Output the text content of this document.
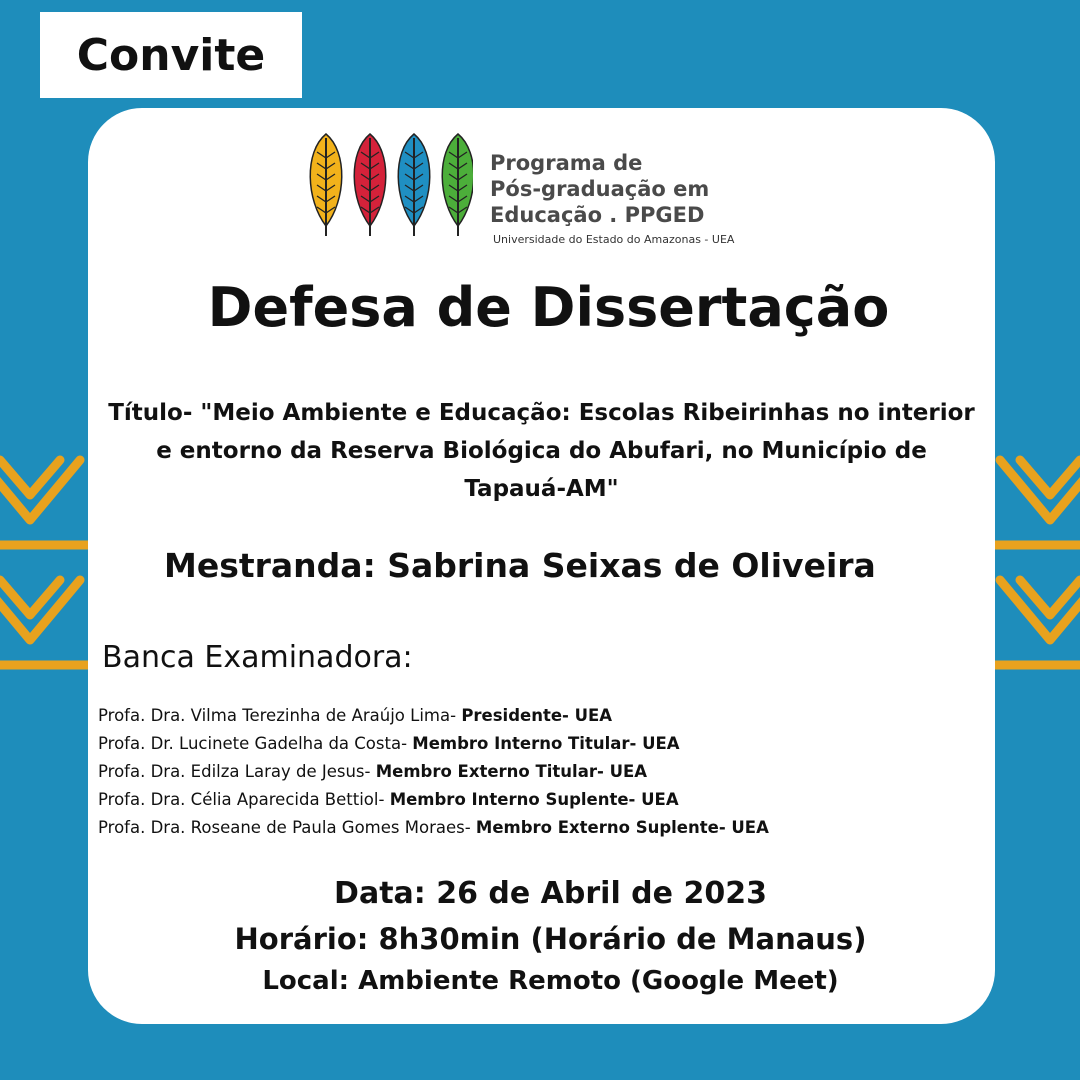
Convite
Programa de
Pós-graduação em
Educação . PPGED
Universidade do Estado do Amazonas - UEA
Defesa de Dissertação
Título- "Meio Ambiente e Educação: Escolas Ribeirinhas no interior e entorno da Reserva Biológica do Abufari, no Município de Tapauá-AM"
Mestranda: Sabrina Seixas de Oliveira
Banca Examinadora:
Profa. Dra. Vilma Terezinha de Araújo Lima- Presidente- UEA
Profa. Dr. Lucinete Gadelha da Costa- Membro Interno Titular- UEA
Profa. Dra. Edilza Laray de Jesus- Membro Externo Titular- UEA
Profa. Dra. Célia Aparecida Bettiol- Membro Interno Suplente- UEA
Profa. Dra. Roseane de Paula Gomes Moraes- Membro Externo Suplente- UEA
Data: 26 de Abril de 2023
Horário: 8h30min (Horário de Manaus)
Local: Ambiente Remoto (Google Meet)
